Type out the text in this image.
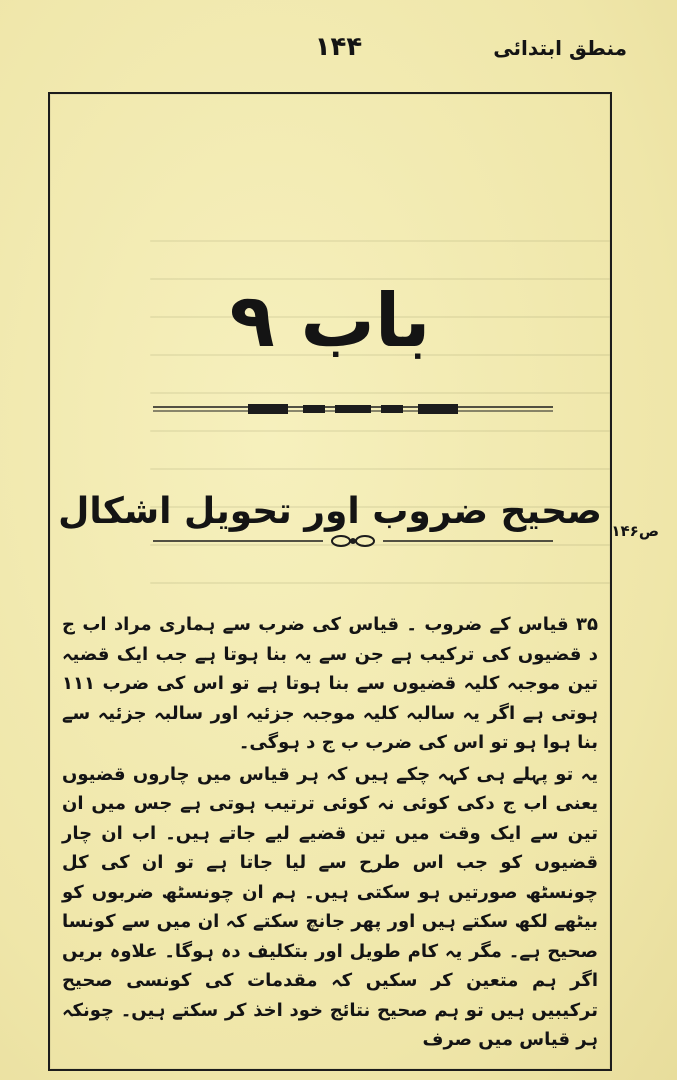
منطق ابتدائی
۱۴۴
باب ۹
صحیح ضروب اور تحویل اشکال

۳۵ قیاس کے ضروب ۔ قیاس کی ضرب سے ہماری مراد اب ج د قضیوں کی ترکیب ہے جن سے یہ بنا ہوتا ہے جب ایک قضیہ تین موجبہ کلیہ قضیوں سے بنا ہوتا ہے تو اس کی ضرب ۱۱۱ ہوتی ہے اگر یہ سالبہ کلیہ موجبہ جزئیہ اور سالبہ جزئیہ سے بنا ہوا ہو تو اس کی ضرب ب ج د ہوگی۔

یہ تو پہلے ہی کہہ چکے ہیں کہ ہر قیاس میں چاروں قضیوں یعنی اب ج دکی کوئی نہ کوئی ترتیب ہوتی ہے جس میں ان تین سے ایک وقت میں تین قضیے لیے جاتے ہیں۔ اب ان چار قضیوں کو جب اس طرح سے لیا جاتا ہے تو ان کی کل چونسٹھ صورتیں ہو سکتی ہیں۔ ہم ان چونسٹھ ضربوں کو بیٹھے لکھ سکتے ہیں اور پھر جانچ سکتے کہ ان میں سے کونسا صحیح ہے۔ مگر یہ کام طویل اور بتکلیف دہ ہوگا۔ علاوہ بریں اگر ہم متعین کر سکیں کہ مقدمات کی کونسی صحیح ترکیبیں ہیں تو ہم صحیح نتائج خود اخذ کر سکتے ہیں۔ چونکہ ہر قیاس میں صرف

ص۱۴۶
